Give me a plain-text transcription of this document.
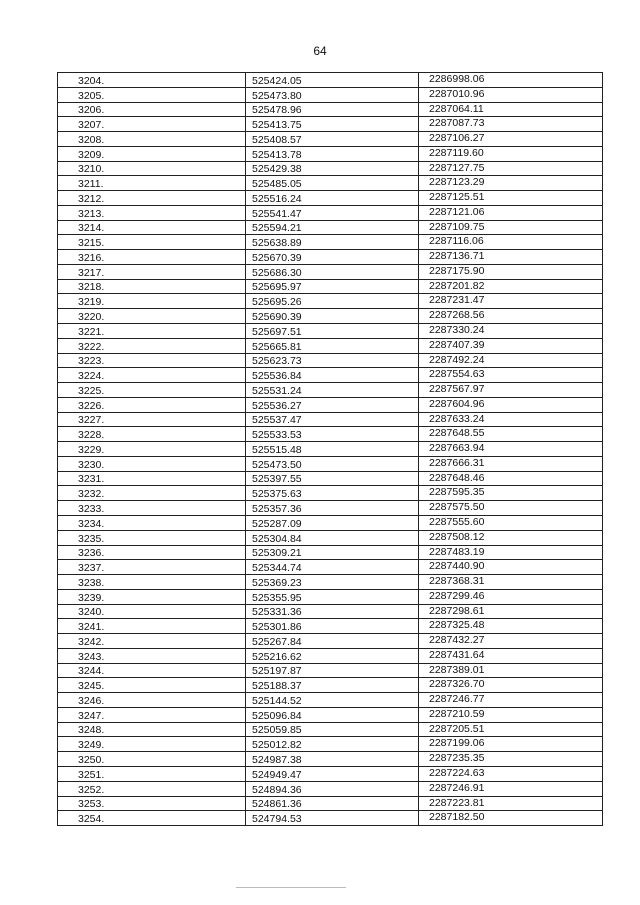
64
3204.	525424.05	2286998.06
3205.	525473.80	2287010.96
3206.	525478.96	2287064.11
3207.	525413.75	2287087.73
3208.	525408.57	2287106.27
3209.	525413.78	2287119.60
3210.	525429.38	2287127.75
3211.	525485.05	2287123.29
3212.	525516.24	2287125.51
3213.	525541.47	2287121.06
3214.	525594.21	2287109.75
3215.	525638.89	2287116.06
3216.	525670.39	2287136.71
3217.	525686.30	2287175.90
3218.	525695.97	2287201.82
3219.	525695.26	2287231.47
3220.	525690.39	2287268.56
3221.	525697.51	2287330.24
3222.	525665.81	2287407.39
3223.	525623.73	2287492.24
3224.	525536.84	2287554.63
3225.	525531.24	2287567.97
3226.	525536.27	2287604.96
3227.	525537.47	2287633.24
3228.	525533.53	2287648.55
3229.	525515.48	2287663.94
3230.	525473.50	2287666.31
3231.	525397.55	2287648.46
3232.	525375.63	2287595.35
3233.	525357.36	2287575.50
3234.	525287.09	2287555.60
3235.	525304.84	2287508.12
3236.	525309.21	2287483.19
3237.	525344.74	2287440.90
3238.	525369.23	2287368.31
3239.	525355.95	2287299.46
3240.	525331.36	2287298.61
3241.	525301.86	2287325.48
3242.	525267.84	2287432.27
3243.	525216.62	2287431.64
3244.	525197.87	2287389.01
3245.	525188.37	2287326.70
3246.	525144.52	2287246.77
3247.	525096.84	2287210.59
3248.	525059.85	2287205.51
3249.	525012.82	2287199.06
3250.	524987.38	2287235.35
3251.	524949.47	2287224.63
3252.	524894.36	2287246.91
3253.	524861.36	2287223.81
3254.	524794.53	2287182.50
